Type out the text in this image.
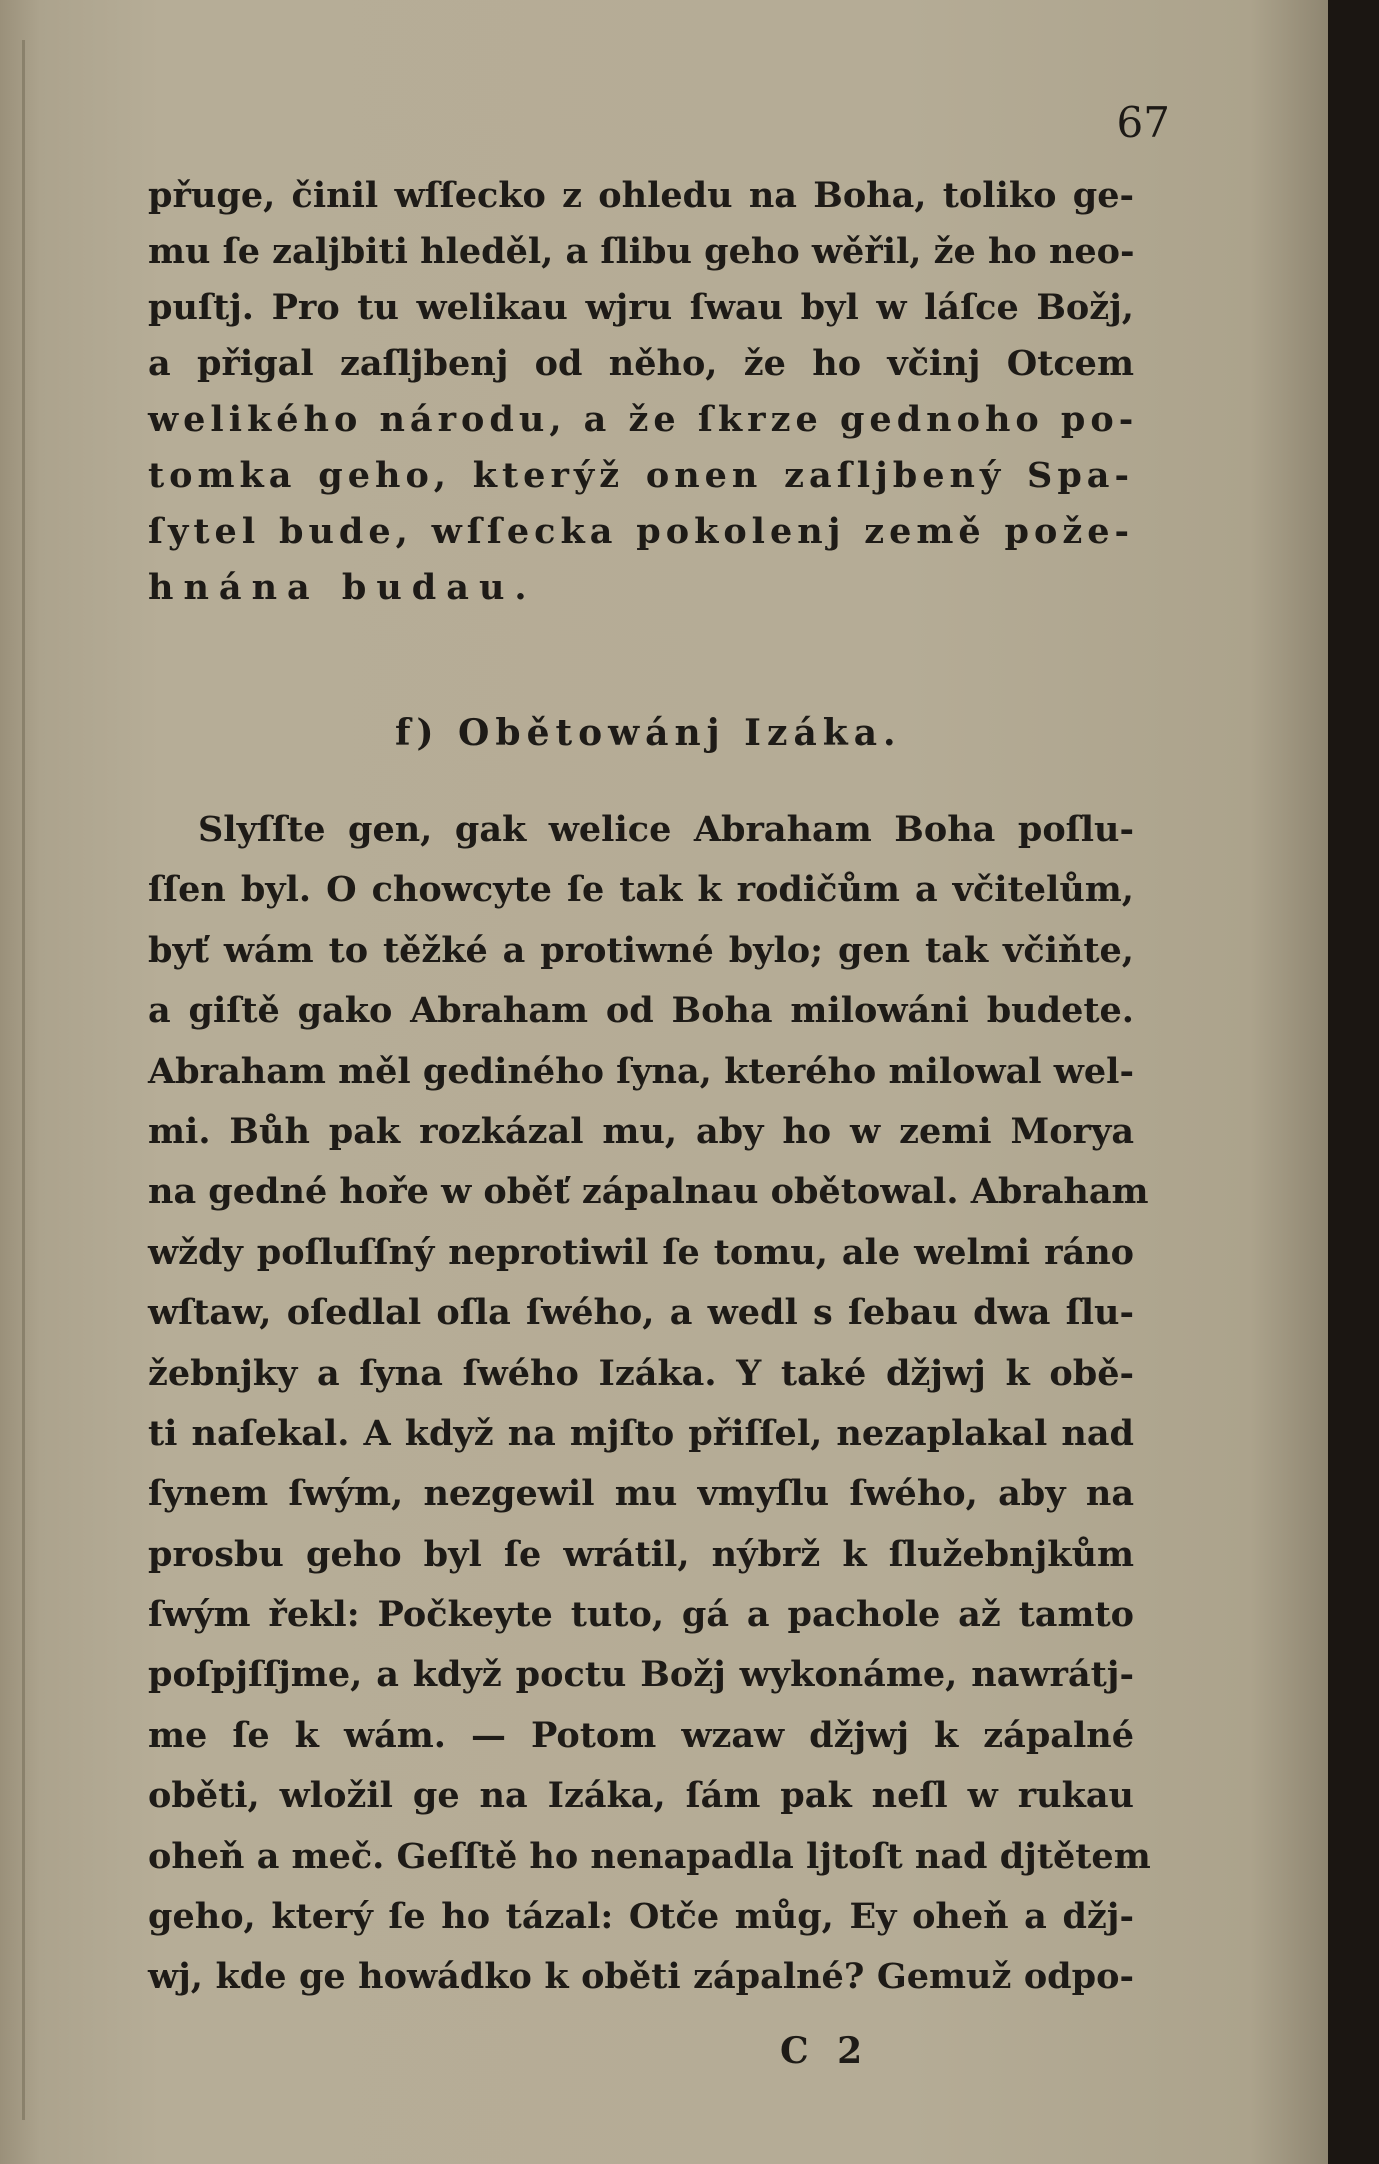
67
přuge, činil wſſecko z ohledu na Boha, toliko ge-
mu ſe zaljbiti hleděl, a ſlibu geho wěřil, že ho neo-
puſtj. Pro tu welikau wjru ſwau byl w láſce Božj,
a přigal zaſljbenj od něho, že ho včinj Otcem
welikého národu, a že ſkrze gednoho po-
tomka geho, kterýž onen zaſljbený Spa-
ſytel bude, wſſecka pokolenj země pože-
hnána budau.
f) Obětowánj Izáka.
Slyſſte gen, gak welice Abraham Boha poſlu-
ſſen byl. O chowcyte ſe tak k rodičům a včitelům,
byť wám to těžké a protiwné bylo; gen tak včiňte,
a giſtě gako Abraham od Boha milowáni budete.
Abraham měl gediného ſyna, kterého milowal wel-
mi. Bůh pak rozkázal mu, aby ho w zemi Morya
na gedné hoře w oběť zápalnau obětowal. Abraham
wždy poſluſſný neprotiwil ſe tomu, ale welmi ráno
wſtaw, oſedlal oſla ſwého, a wedl s ſebau dwa ſlu-
žebnjky a ſyna ſwého Izáka. Y také džjwj k obě-
ti naſekal. A když na mjſto přiſſel, nezaplakal nad
ſynem ſwým, nezgewil mu vmyſlu ſwého, aby na
prosbu geho byl ſe wrátil, nýbrž k ſlužebnjkům
ſwým řekl: Počkeyte tuto, gá a pachole až tamto
poſpjſſjme, a když poctu Božj wykonáme, nawrátj-
me ſe k wám. — Potom wzaw džjwj k zápalné
oběti, wložil ge na Izáka, ſám pak neſl w rukau
oheň a meč. Geſſtě ho nenapadla ljtoſt nad djtětem
geho, který ſe ho tázal: Otče můg, Ey oheň a džj-
wj, kde ge howádko k oběti zápalné? Gemuž odpo-
C 2
